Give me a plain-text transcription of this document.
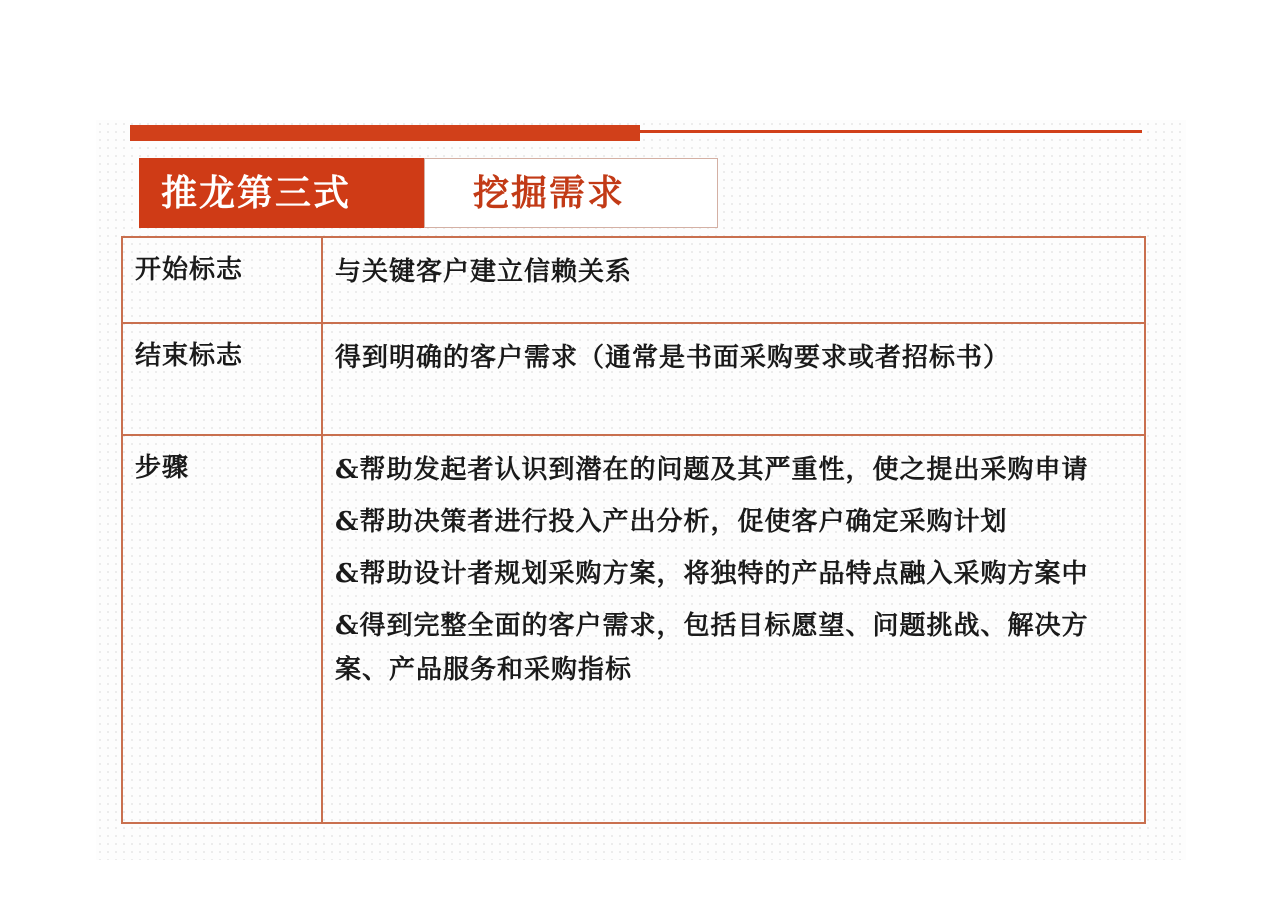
推龙第三式	挖掘需求
开始标志	与关键客户建立信赖关系
结束标志	得到明确的客户需求（通常是书面采购要求或者招标书）
步骤	&帮助发起者认识到潜在的问题及其严重性，使之提出采购申请
&帮助决策者进行投入产出分析，促使客户确定采购计划
&帮助设计者规划采购方案，将独特的产品特点融入采购方案中
&得到完整全面的客户需求，包括目标愿望、问题挑战、解决方案、产品服务和采购指标
